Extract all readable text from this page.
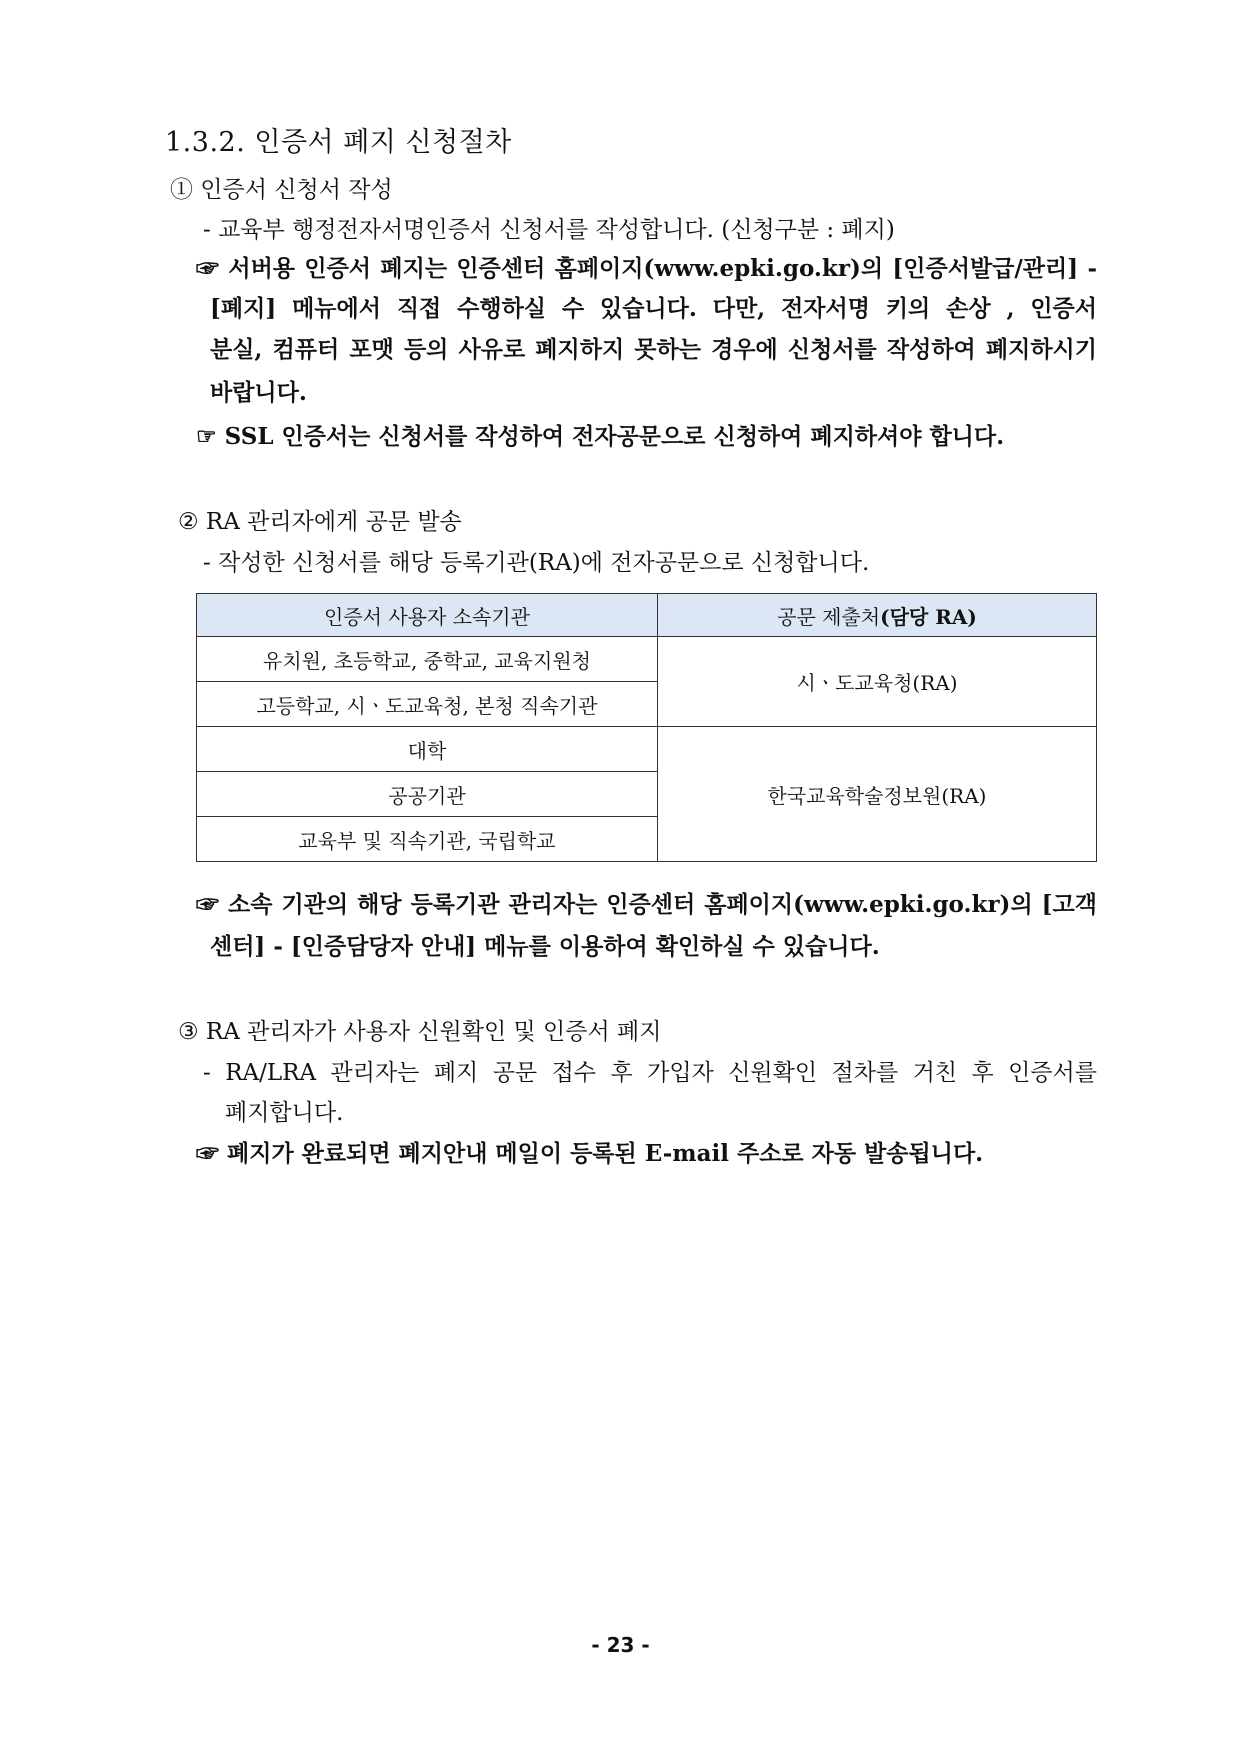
1.3.2. 인증서 폐지 신청절차
① 인증서 신청서 작성
- 교육부 행정전자서명인증서 신청서를 작성합니다. (신청구분 : 폐지)
☞ 서버용 인증서 폐지는 인증센터 홈페이지(www.epki.go.kr)의 [인증서발급/관리] -
[폐지] 메뉴에서 직접 수행하실 수 있습니다. 다만, 전자서명 키의 손상 , 인증서
분실, 컴퓨터 포맷 등의 사유로 폐지하지 못하는 경우에 신청서를 작성하여 폐지하시기
바랍니다.
☞ SSL 인증서는 신청서를 작성하여 전자공문으로 신청하여 폐지하셔야 합니다.
② RA 관리자에게 공문 발송
- 작성한 신청서를 해당 등록기관(RA)에 전자공문으로 신청합니다.
인증서 사용자 소속기관	공문 제출처(담당 RA)
유치원, 초등학교, 중학교, 교육지원청	시ㆍ도교육청(RA)
고등학교, 시ㆍ도교육청, 본청 직속기관	
대학	한국교육학술정보원(RA)
공공기관	
교육부 및 직속기관, 국립학교	
☞ 소속 기관의 해당 등록기관 관리자는 인증센터 홈페이지(www.epki.go.kr)의 [고객
센터] - [인증담당자 안내] 메뉴를 이용하여 확인하실 수 있습니다.
③ RA 관리자가 사용자 신원확인 및 인증서 폐지
- RA/LRA 관리자는 폐지 공문 접수 후 가입자 신원확인 절차를 거친 후 인증서를
폐지합니다.
☞ 폐지가 완료되면 폐지안내 메일이 등록된 E-mail 주소로 자동 발송됩니다.
- 23 -
